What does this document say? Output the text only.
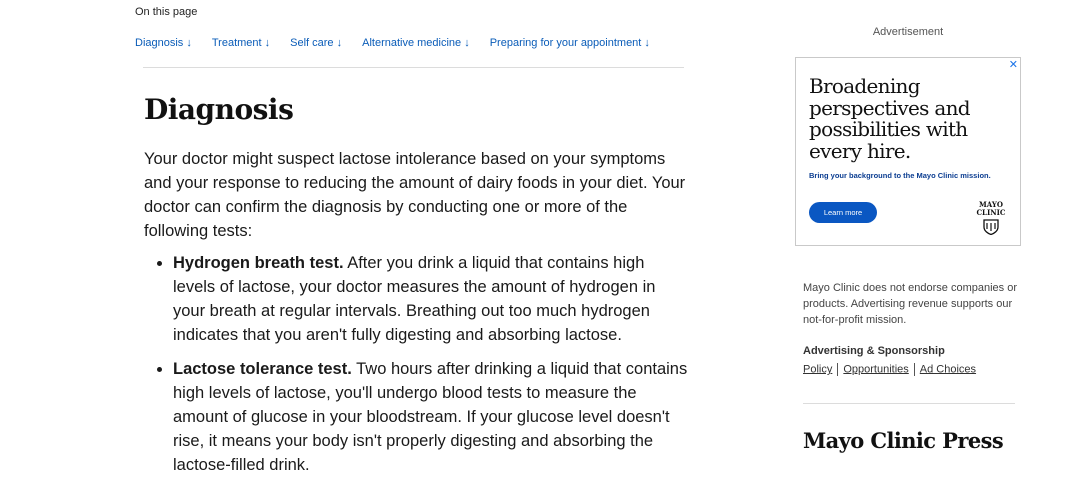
On this page
Diagnosis ↓ Treatment ↓ Self care ↓ Alternative medicine ↓ Preparing for your appointment ↓
Diagnosis

Your doctor might suspect lactose intolerance based on your symptoms and your response to reducing the amount of dairy foods in your diet. Your doctor can confirm the diagnosis by conducting one or more of the following tests:

• Hydrogen breath test. After you drink a liquid that contains high levels of lactose, your doctor measures the amount of hydrogen in your breath at regular intervals. Breathing out too much hydrogen indicates that you aren't fully digesting and absorbing lactose.
• Lactose tolerance test. Two hours after drinking a liquid that contains high levels of lactose, you'll undergo blood tests to measure the amount of glucose in your bloodstream. If your glucose level doesn't rise, it means your body isn't properly digesting and absorbing the lactose-filled drink.
Advertisement
✕
Broadening perspectives and possibilities with every hire.
Bring your background to the Mayo Clinic mission.
Learn more
MAYO
CLINIC
Mayo Clinic does not endorse companies or products. Advertising revenue supports our not-for-profit mission.
Advertising & Sponsorship
Policy Opportunities Ad Choices
Mayo Clinic Press
